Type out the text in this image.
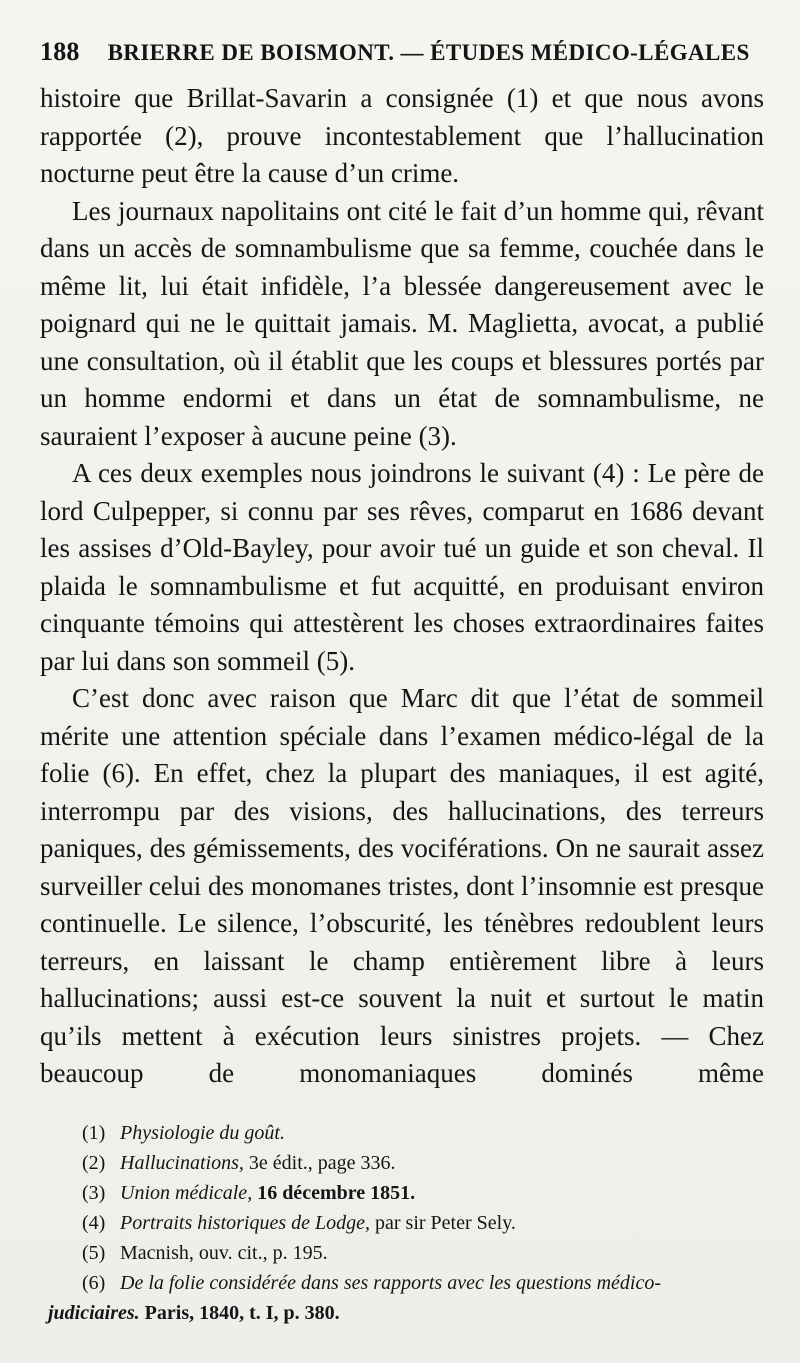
188 BRIERRE DE BOISMONT. — ÉTUDES MÉDICO-LÉGALES

histoire que Brillat-Savarin a consignée (1) et que nous avons rapportée (2), prouve incontestablement que l’hallucination nocturne peut être la cause d’un crime.

Les journaux napolitains ont cité le fait d’un homme qui, rêvant dans un accès de somnambulisme que sa femme, couchée dans le même lit, lui était infidèle, l’a blessée dangereusement avec le poignard qui ne le quittait jamais. M. Maglietta, avocat, a publié une consultation, où il établit que les coups et blessures portés par un homme endormi et dans un état de somnambulisme, ne sauraient l’exposer à aucune peine (3).

A ces deux exemples nous joindrons le suivant (4) : Le père de lord Culpepper, si connu par ses rêves, comparut en 1686 devant les assises d’Old-Bayley, pour avoir tué un guide et son cheval. Il plaida le somnambulisme et fut acquitté, en produisant environ cinquante témoins qui attestèrent les choses extraordinaires faites par lui dans son sommeil (5).

C’est donc avec raison que Marc dit que l’état de sommeil mérite une attention spéciale dans l’examen médico-légal de la folie (6). En effet, chez la plupart des maniaques, il est agité, interrompu par des visions, des hallucinations, des terreurs paniques, des gémissements, des vociférations. On ne saurait assez surveiller celui des monomanes tristes, dont l’insomnie est presque continuelle. Le silence, l’obscurité, les ténèbres redoublent leurs terreurs, en laissant le champ entièrement libre à leurs hallucinations; aussi est-ce souvent la nuit et surtout le matin qu’ils mettent à exécution leurs sinistres projets. — Chez beaucoup de monomaniaques dominés même

(1) Physiologie du goût.

(2) Hallucinations, 3e édit., page 336.

(3) Union médicale, 16 décembre 1851.

(4) Portraits historiques de Lodge, par sir Peter Sely.

(5) Macnish, ouv. cit., p. 195.

(6) De la folie considérée dans ses rapports avec les questions médico-
judiciaires. Paris, 1840, t. I, p. 380.
